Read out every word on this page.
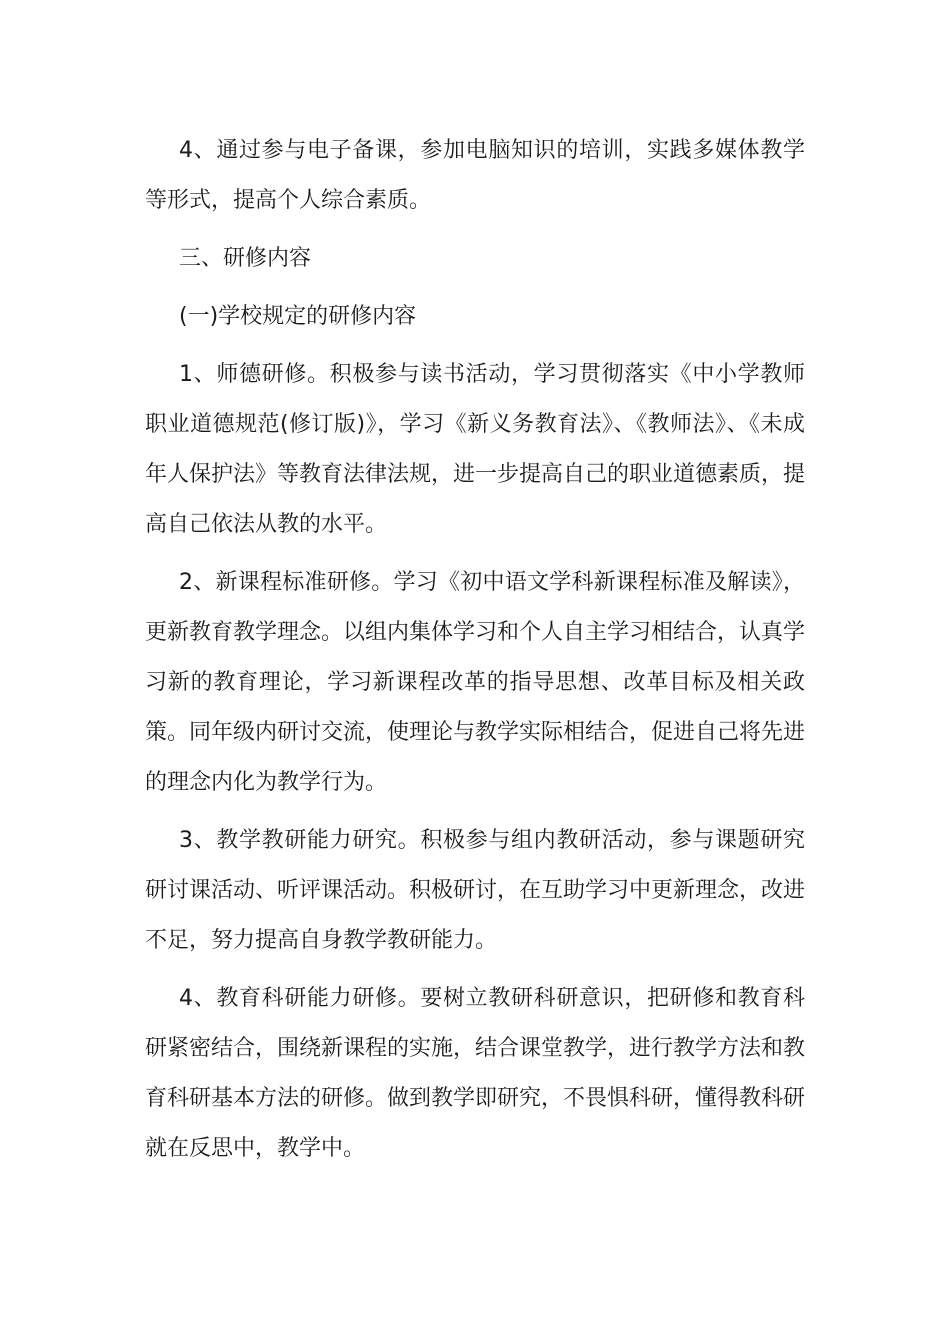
4、通过参与电子备课，参加电脑知识的培训，实践多媒体教学等形式，提高个人综合素质。

三、研修内容

(一)学校规定的研修内容

1、师德研修。积极参与读书活动，学习贯彻落实《中小学教师职业道德规范(修订版)》，学习《新义务教育法》、《教师法》、《未成年人保护法》等教育法律法规，进一步提高自己的职业道德素质，提高自己依法从教的水平。

2、新课程标准研修。学习《初中语文学科新课程标准及解读》，更新教育教学理念。以组内集体学习和个人自主学习相结合，认真学习新的教育理论，学习新课程改革的指导思想、改革目标及相关政策。同年级内研讨交流，使理论与教学实际相结合，促进自己将先进的理念内化为教学行为。

3、教学教研能力研究。积极参与组内教研活动，参与课题研究研讨课活动、听评课活动。积极研讨，在互助学习中更新理念，改进不足，努力提高自身教学教研能力。

4、教育科研能力研修。要树立教研科研意识，把研修和教育科研紧密结合，围绕新课程的实施，结合课堂教学，进行教学方法和教育科研基本方法的研修。做到教学即研究，不畏惧科研，懂得教科研就在反思中，教学中。
